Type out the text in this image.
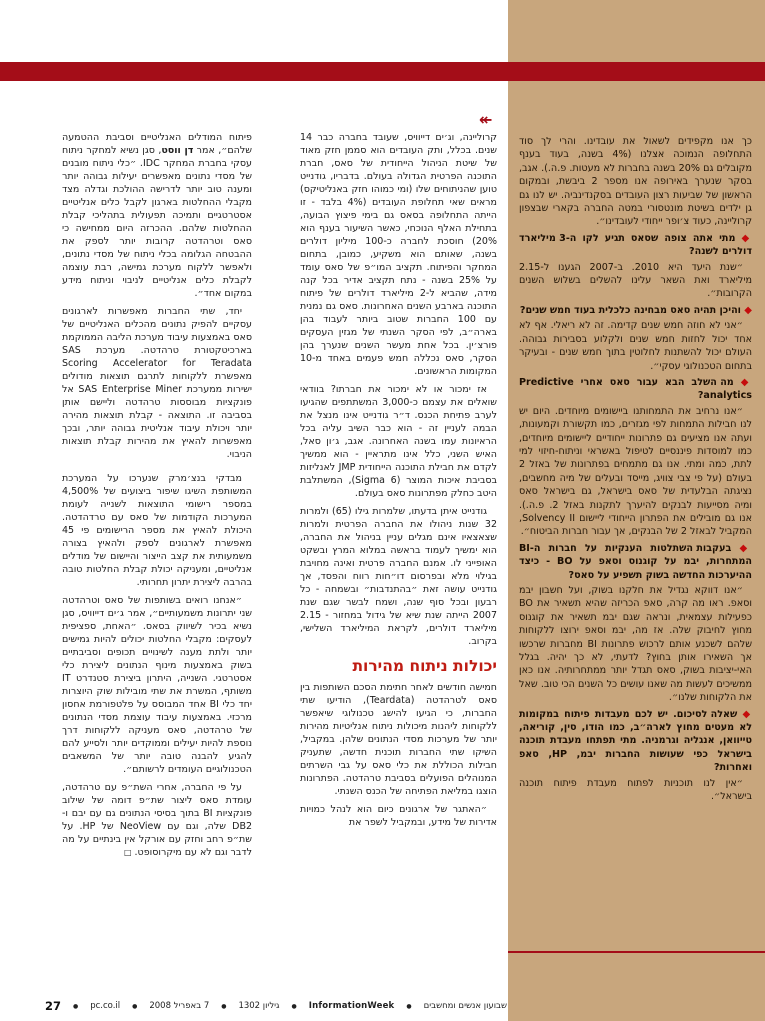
↞

קרוליינה, וג׳ים דייוויס, שעובד בחברה כבר 14 שנים. בכלל, ותק העובדים הוא סממן חזק מאוד של שיטת הניהול הייחודית של סאס, חברת התוכנה הפרטית הגדולה בעולם. בדבריו, גודנייט טוען שהניתוחים שלו (ומי כמוהו חזק באנליטיקס) מראים שאי תחלופת העובדים (4% בלבד - זו הייתה התחלופה בסאס גם בימי פיצוץ הבועה, בתחילת האלף הנוכחי, כאשר השיעור בענף הוא 20%) חוסכת לחברה כ-100 מיליון דולרים בשנה, שאותם הוא משקיע, כמובן, בתחום המחקר והפיתוח. תקציב המו״פ של סאס עומד על 25% בשנה - נתח תקציב אדיר בכל קנה מידה, שהביא ל-2 מיליארד דולרים של פיתוח התוכנה בארבע השנים האחרונות. סאס גם נמנית עם 100 החברות שטוב ביותר לעבוד בהן בארה״ב, לפי הסקר השנתי של מגזין העסקים פורצ׳ין. בכל אחת מעשר השנים שנערך בהן הסקר, סאס נכללה חמש פעמים באחד מ-10 המקומות הראשונים.

אז ימכור או לא ימכור את חברתו? בוודאי שואלים את עצמם כ-3,000 המשתתפים שהגיעו לערב פתיחת הכנס. ד״ר גודנייט אינו מנצל את הבמה לעניין זה - הוא כבר השיב עליה בכל הראיונות עמו בשנה האחרונה. אגב, ג׳ון סאל, האיש השני, כלל אינו מתראיין - הוא ממשיך לקדם את חבילת התוכנה הייחודית JMP לאנליזות בסביבת איכות המוצר (6 Sigma), המשתלבת היטב כחלק מפתרונות סאס בעולם.

גודנייט איתן בדעתו, שלמרות גילו (65) ולמרות 32 שנות ניהולו את החברה הפרטית ולמרות שצאצאיו אינם מגלים עניין בניהול את החברה, הוא ימשיך לעמוד בראשה במלוא המרץ ובשקט האופייני לו. אמנם החברה פרטית ואינה מחויבת בגילוי מלא ובפרסום דו״חות רווח והפסד, אך גודנייט עושה זאת ״בהתנדבות״ ובשמחה - כל רבעון ובכל סוף שנה, ושמח לבשר שגם שנת 2007 הייתה שנת שיא של גידול במחזור - 2.15 מיליארד דולרים, לקראת המיליארד השלישי, בקרוב.

יכולות ניתוח מהירות

חמישה חודשים לאחר חתימת הסכם השותפות בין סאס לטרהדטה (Teardata), הודיעו שתי החברות, כי הגיעו להישג טכנולוגי שיאפשר ללקוחות ליהנות מיכולות ניתוח אנליטיות מהירות יותר של מערכות מסדי הנתונים שלהן. במקביל, השיקו שתי החברות תוכנית חדשה, שתעניק חבילות הכוללת את כלי סאס על גבי השרתים המנוהלים הפועלים בסביבת טרהדטה. הפתרונות הוצגו במליאת הפתיחה של הכנס השנתי.

״האתגר של ארגונים כיום הוא לנהל כמויות אדירות של מידע, ובמקביל לשפר את

פיתוח המודלים האנליטיים וסביבת ההטמעה שלהם״, אמר דן ווסט, סגן נשיא למחקר ניתוח עסקי בחברת המחקר IDC. ״כלי ניתוח מובנים של מסדי נתונים מאפשרים יעילות גבוהה יותר ומענה טוב יותר לדרישה ההולכת וגדלה מצד מקבלי ההחלטות בארגון לקבל כלים אנליטיים אסטרטגיים ותמיכה תפעולית בתהליכי קבלת ההחלטות שלהם. ההכרזה היום ממחישה כי סאס וטרהדטה קרובות יותר לספק את ההבטחה הגלומה בכלי ניתוח של מסדי נתונים, ולאפשר ללקוח מערכת גמישה, רבת עוצמה לקבלת כלים אנליטיים לניבוי וניתוח מידע במקום אחד״.

יחד, שתי החברות מאפשרות לארגונים עסקיים להפיק נתונים מהכלים האנליטיים של סאס באמצעות עיבוד מערכת הליבה הממוקמת בארכיטקטורת טרהדטה. מערכת SAS Scoring Accelerator for Teradata מאפשרת ללקוחות לתרגם תוצאות מודולים ישירות ממערכת SAS Enterprise Miner אל פונקציות מבוססות טרהדטה וליישם אותן בסביבה זו. התוצאה - קבלת תוצאות מהירה יותר ויכולת עיבוד אנליטית גבוהה יותר, ובכך מאפשרות להאיץ את מהירות קבלת תוצאות הניבוי.

מבדקי בנצ׳מרק שנערכו על המערכת המשותפת השיגו שיפור ביצועים של 4,500% במספר רישומי התוצאות לשנייה לעומת המערכות הקודמות של סאס עם טרדהדטה. היכולת להאיץ את מספר הרישומים פי 45 מאפשרת לארגונים לספק ולהאיץ בצורה משמעותית את קצב הייצור והיישום של מודלים אנליטיים, ומעניקה יכולת קבלת החלטות טובה בהרבה ליצירת יתרון תחרותי.

״אנחנו רואים בשותפות של סאס וטרהדטה שני יתרונות משמעותיים״, אמר ג׳ים דייוויס, סגן נשיא בכיר לשיווק בסאס. ״האחת, ספציפית לעסקים: מקבלי החלטות יכולים להיות גמישים יותר ולתת מענה לשינויים תכופים וסביבתיים בשוק באמצעות מינוף הנתונים ליצירת כלי אסטרטגי. השנייה, היתרון ביצירת סטנדרט IT משותף, המשרת את שתי מובילות שוק היוצרות יחד כלי BI אחד המבוסס על פלטפורמת אחסון מרכזי. באמצעות עיבוד עוצמת מסדי הנתונים של טרהדטה, סאס מעניקה ללקוחות דרך נוספת להיות יעילים וממוקדים יותר ולסייע להם להגיע להבנה טובה יותר של המשאבים הטכנולוגיים העומדים לרשותם״.

על פי החברה, אחרי השת״פ עם טרהדטה, עומדת סאס ליצור שת״פ דומה של שילוב פונקציות BI בתוך בסיסי הנתונים גם עם יבם ו-DB2 שלה, וגם עם NeoView של HP. על שת״פ רחב וחזק עם אורקל אין בינתיים על מה לדבר וגם לא עם מיקרוסופט. □

כך אנו מקפידים לשאול את עובדינו. והרי לך סוד התחלופה הנמוכה אצלנו (4% בשנה, בעוד בענף מקובלים גם 20% בשנה בחברות לא מעטות. פ.ה.). אגב, בסקר שנערך באירופה אנו מספר 2 ביבשת, ובמקום הראשון של שביעות רצון העובדים בסקנדינביה. יש לנו גם גן ילדים בשיטת מונטסורי במטה החברה בקארי שבצפון קרוליינה, כעוד צ׳ופר ייחודי לעובדינו״.

◆ מתי אתה צופה שסאס תגיע לקו ה-3 מיליארד דולרים לשנה?

״שנת היעד היא 2010. ב-2007 הגענו ל-2.15 מיליארד ואת השאר עלינו להשלים בשלוש השנים הקרובות״.

◆ והיכן תהיה סאס מבחינה כלכלית בעוד חמש שנים?

״אני לא חוזה חמש שנים קדימה. זה לא ריאלי. אף לא אחד יכול לחזות חמש שנים ולקלוע בסבירות גבוהה. העולם יכול להשתנות לחלוטין בתוך חמש שנים - ובעיקר בתחום הטכנולוגי עסקי״.

◆ מה השלב הבא עבור סאס אחרי Predictive analytics?

״אנו נרחיב את התמחותנו ביישומים מיוחדים. היום יש לנו חבילות התמחות לפי מגזרים, כמו תקשורת וקמעונות, ועתה אנו מציעים גם פתרונות ייחודיים ליישומים מיוחדים, כמו למוסדות פיננסיים לטיפול באשראי וניתוח-חיזוי למי לתת, כמה ומתי. אנו גם מתמחים בפתרונות של באזל 2 בעולם (על פי צבי צוויג, מייסד ובעלים של מיה מחשבים, נציגתה הבלעדית של סאס בישראל, גם בישראל סאס ומיה מסייעות לבנקים להיערך לתקנות באזל 2. פ.ה.). אנו גם מובילים את הפתרון הייחודי ליישום Solvency II, המקביל לבאזל 2 של הבנקים, אך עבור חברות הביטוח״.

◆ בעקבות השתלטות הענקיות על חברות ה-BI המתחרות, יבמ על קוגנוס וסאפ על BO - כיצד ההיערכות החדשה בשוק תשפיע על סאס?

״אנו דווקא נגדיל את חלקנו בשוק, ועל חשבון יבמ וסאפ. ראו מה קרה, סאפ הכריזה שהיא תשאיר את BO כפעילות עצמאית, ונראה שגם יבמ תשאיר את קוגנוס מחוץ לחיבוק שלה. אז מה, יבמ וסאפ ירוצו ללקוחות שלהם לשכנע אותם לרכוש פתרונות BI מחברות שרכשו אך השאירו אותן בחוץ? לדעתי, לא כך יהיה. בגלל האי-יציבות בשוק, סאס תגדל יותר ממתחרותיה. אנו כאן ממשיכים לעשות מה שאנו עושים כל השנים הכי טוב. שאל את הלקוחות שלנו״.

◆ שאלה לסיכום. יש לכם מעבדות פיתוח במקומות לא מעטים מחוץ לארה״ב, כמו הודו, סין, קוריאה, טייוואן, אנגליה וגרמניה. מתי תפתחו מעבדת תוכנה בישראל כפי שעושות החברות יבמ, HP, סאפ ואחרות?

״אין לנו תוכניות לפתוח מעבדת פיתוח תוכנה בישראל״.

שבועון אנשים ומחשבים
●
InformationWeek
●
גיליון 1302
●
7 באפריל 2008
●
pc.co.il
●
27
